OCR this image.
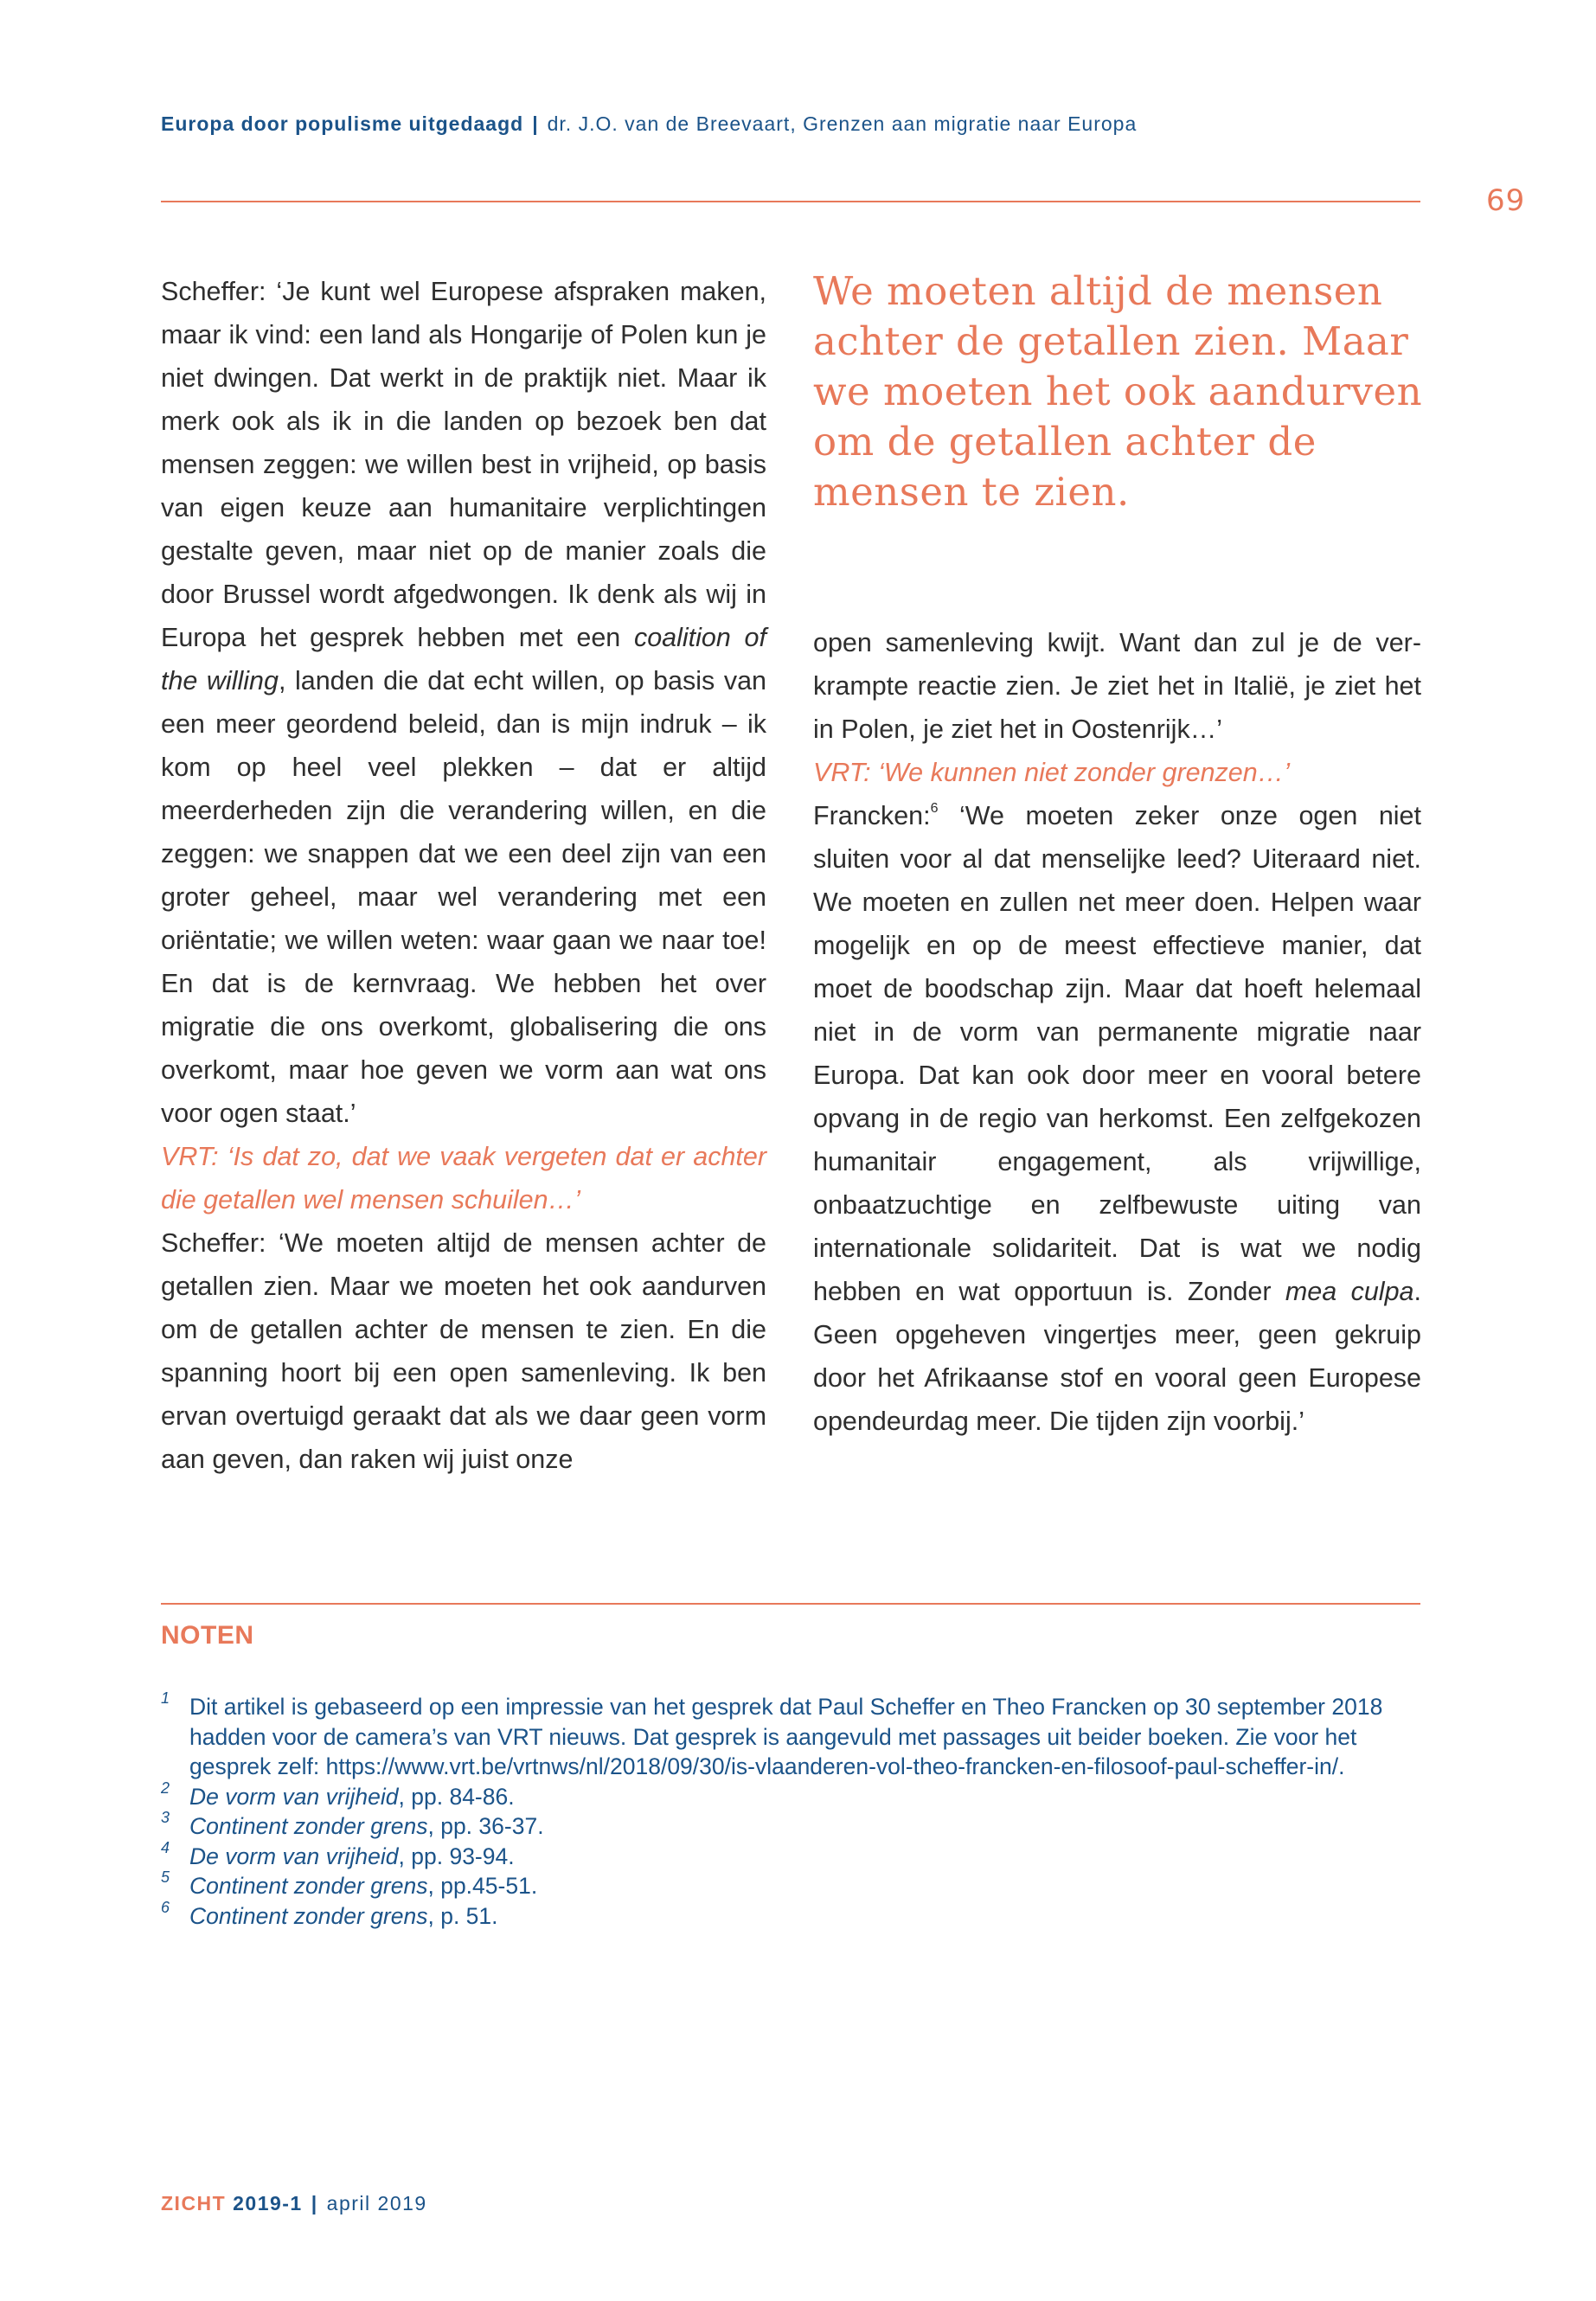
Europa door populisme uitgedaagd | dr. J.O. van de Breevaart, Grenzen aan migratie naar Europa
69

Scheffer: ‘Je kunt wel Europese afspraken maken, maar ik vind: een land als Hongarije of Polen kun je niet dwingen. Dat werkt in de praktijk niet. Maar ik merk ook als ik in die landen op bezoek ben dat mensen zeggen: we willen best in vrijheid, op basis van eigen keuze aan humanitaire verplichtingen gestalte geven, maar niet op de manier zoals die door Brussel wordt afgedwongen. Ik denk als wij in Europa het gesprek hebben met een coalition of the willing, landen die dat echt willen, op basis van een meer geordend beleid, dan is mijn indruk – ik kom op heel veel plekken – dat er altijd meerderheden zijn die verandering willen, en die zeggen: we snappen dat we een deel zijn van een groter geheel, maar wel verandering met een oriëntatie; we willen weten: waar gaan we naar toe! En dat is de kernvraag. We hebben het over migratie die ons overkomt, globalisering die ons overkomt, maar hoe geven we vorm aan wat ons voor ogen staat.’

VRT: ‘Is dat zo, dat we vaak vergeten dat er achter die getallen wel mensen schuilen…’

Scheffer: ‘We moeten altijd de mensen achter de getallen zien. Maar we moeten het ook aandurven om de getallen achter de mensen te zien. En die spanning hoort bij een open samenleving. Ik ben ervan overtuigd geraakt dat als we daar geen vorm aan geven, dan raken wij juist onze

We moeten altijd de mensen achter de getallen zien. Maar we moeten het ook aandurven om de getallen achter de mensen te zien.

open samenleving kwijt. Want dan zul je de verkrampte reactie zien. Je ziet het in Italië, je ziet het in Polen, je ziet het in Oostenrijk…’

VRT: ‘We kunnen niet zonder grenzen…’

Francken:$^6$ ‘We moeten zeker onze ogen niet sluiten voor al dat menselijke leed? Uiteraard niet. We moeten en zullen net meer doen. Helpen waar mogelijk en op de meest effectieve manier, dat moet de boodschap zijn. Maar dat hoeft helemaal niet in de vorm van permanente migratie naar Europa. Dat kan ook door meer en vooral betere opvang in de regio van herkomst. Een zelfgekozen humanitair engagement, als vrijwillige, onbaatzuchtige en zelfbewuste uiting van internationale solidariteit. Dat is wat we nodig hebben en wat opportuun is. Zonder mea culpa. Geen opgeheven vingertjes meer, geen gekruip door het Afrikaanse stof en vooral geen Europese opendeurdag meer. Die tijden zijn voorbij.’

NOTEN
1 Dit artikel is gebaseerd op een impressie van het gesprek dat Paul Scheffer en Theo Francken op 30 september 2018 hadden voor de camera’s van VRT nieuws. Dat gesprek is aangevuld met passages uit beider boeken. Zie voor het gesprek zelf: https://www.vrt.be/vrtnws/nl/2018/09/30/is-vlaanderen-vol-theo-francken-en-filosoof-paul-scheffer-in/.
2 De vorm van vrijheid, pp. 84-86.
3 Continent zonder grens, pp. 36-37.
4 De vorm van vrijheid, pp. 93-94.
5 Continent zonder grens, pp.45-51.
6 Continent zonder grens, p. 51.
ZICHT 2019-1 | april 2019
